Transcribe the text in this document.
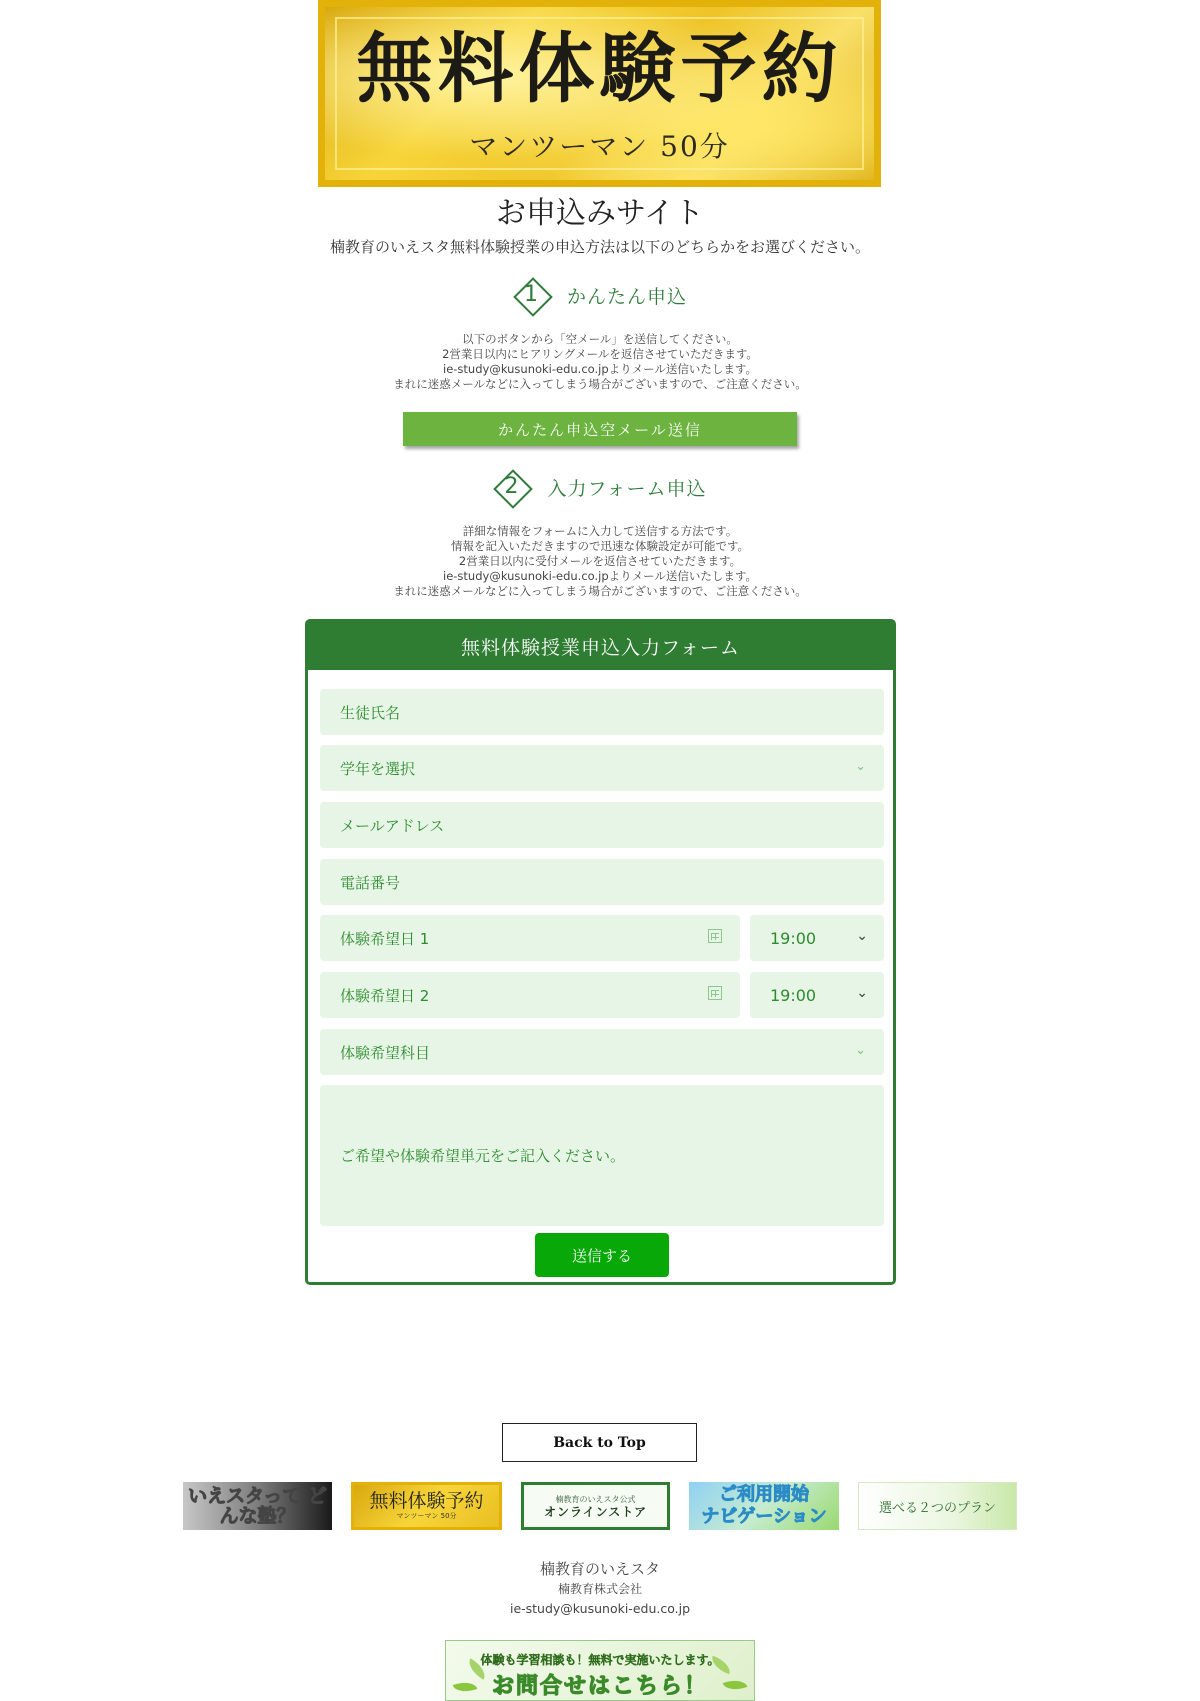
無料体験予約
マンツーマン 50分
お申込みサイト
楠教育のいえスタ無料体験授業の申込方法は以下のどちらかをお選びください。
1	かんたん申込
以下のボタンから「空メール」を送信してください。
2営業日以内にヒアリングメールを返信させていただきます。
ie-study@kusunoki-edu.co.jpよりメール送信いたします。
まれに迷惑メールなどに入ってしまう場合がございますので、ご注意ください。
かんたん申込空メール送信
2	入力フォーム申込
詳細な情報をフォームに入力して送信する方法です。
情報を記入いただきますので迅速な体験設定が可能です。
2営業日以内に受付メールを返信させていただきます。
ie-study@kusunoki-edu.co.jpよりメール送信いたします。
まれに迷惑メールなどに入ってしまう場合がございますので、ご注意ください。
無料体験授業申込入力フォーム
生徒氏名
学年を選択	⌄
メールアドレス
電話番号
体験希望日 1	19:00	⌄
体験希望日 2	19:00	⌄
体験希望科目	⌄
ご希望や体験希望単元をご記入ください。
送信する
Back to Top
いえスタって どんな塾？
無料体験予約
マンツーマン 50分
楠教育のいえスタ公式
オンラインストア
ご利用開始
ナビゲーション	選べる２つのプラン
楠教育のいえスタ
楠教育株式会社
ie-study@kusunoki-edu.co.jp
体験も学習相談も！無料で実施いたします。
お問合せはこちら！
